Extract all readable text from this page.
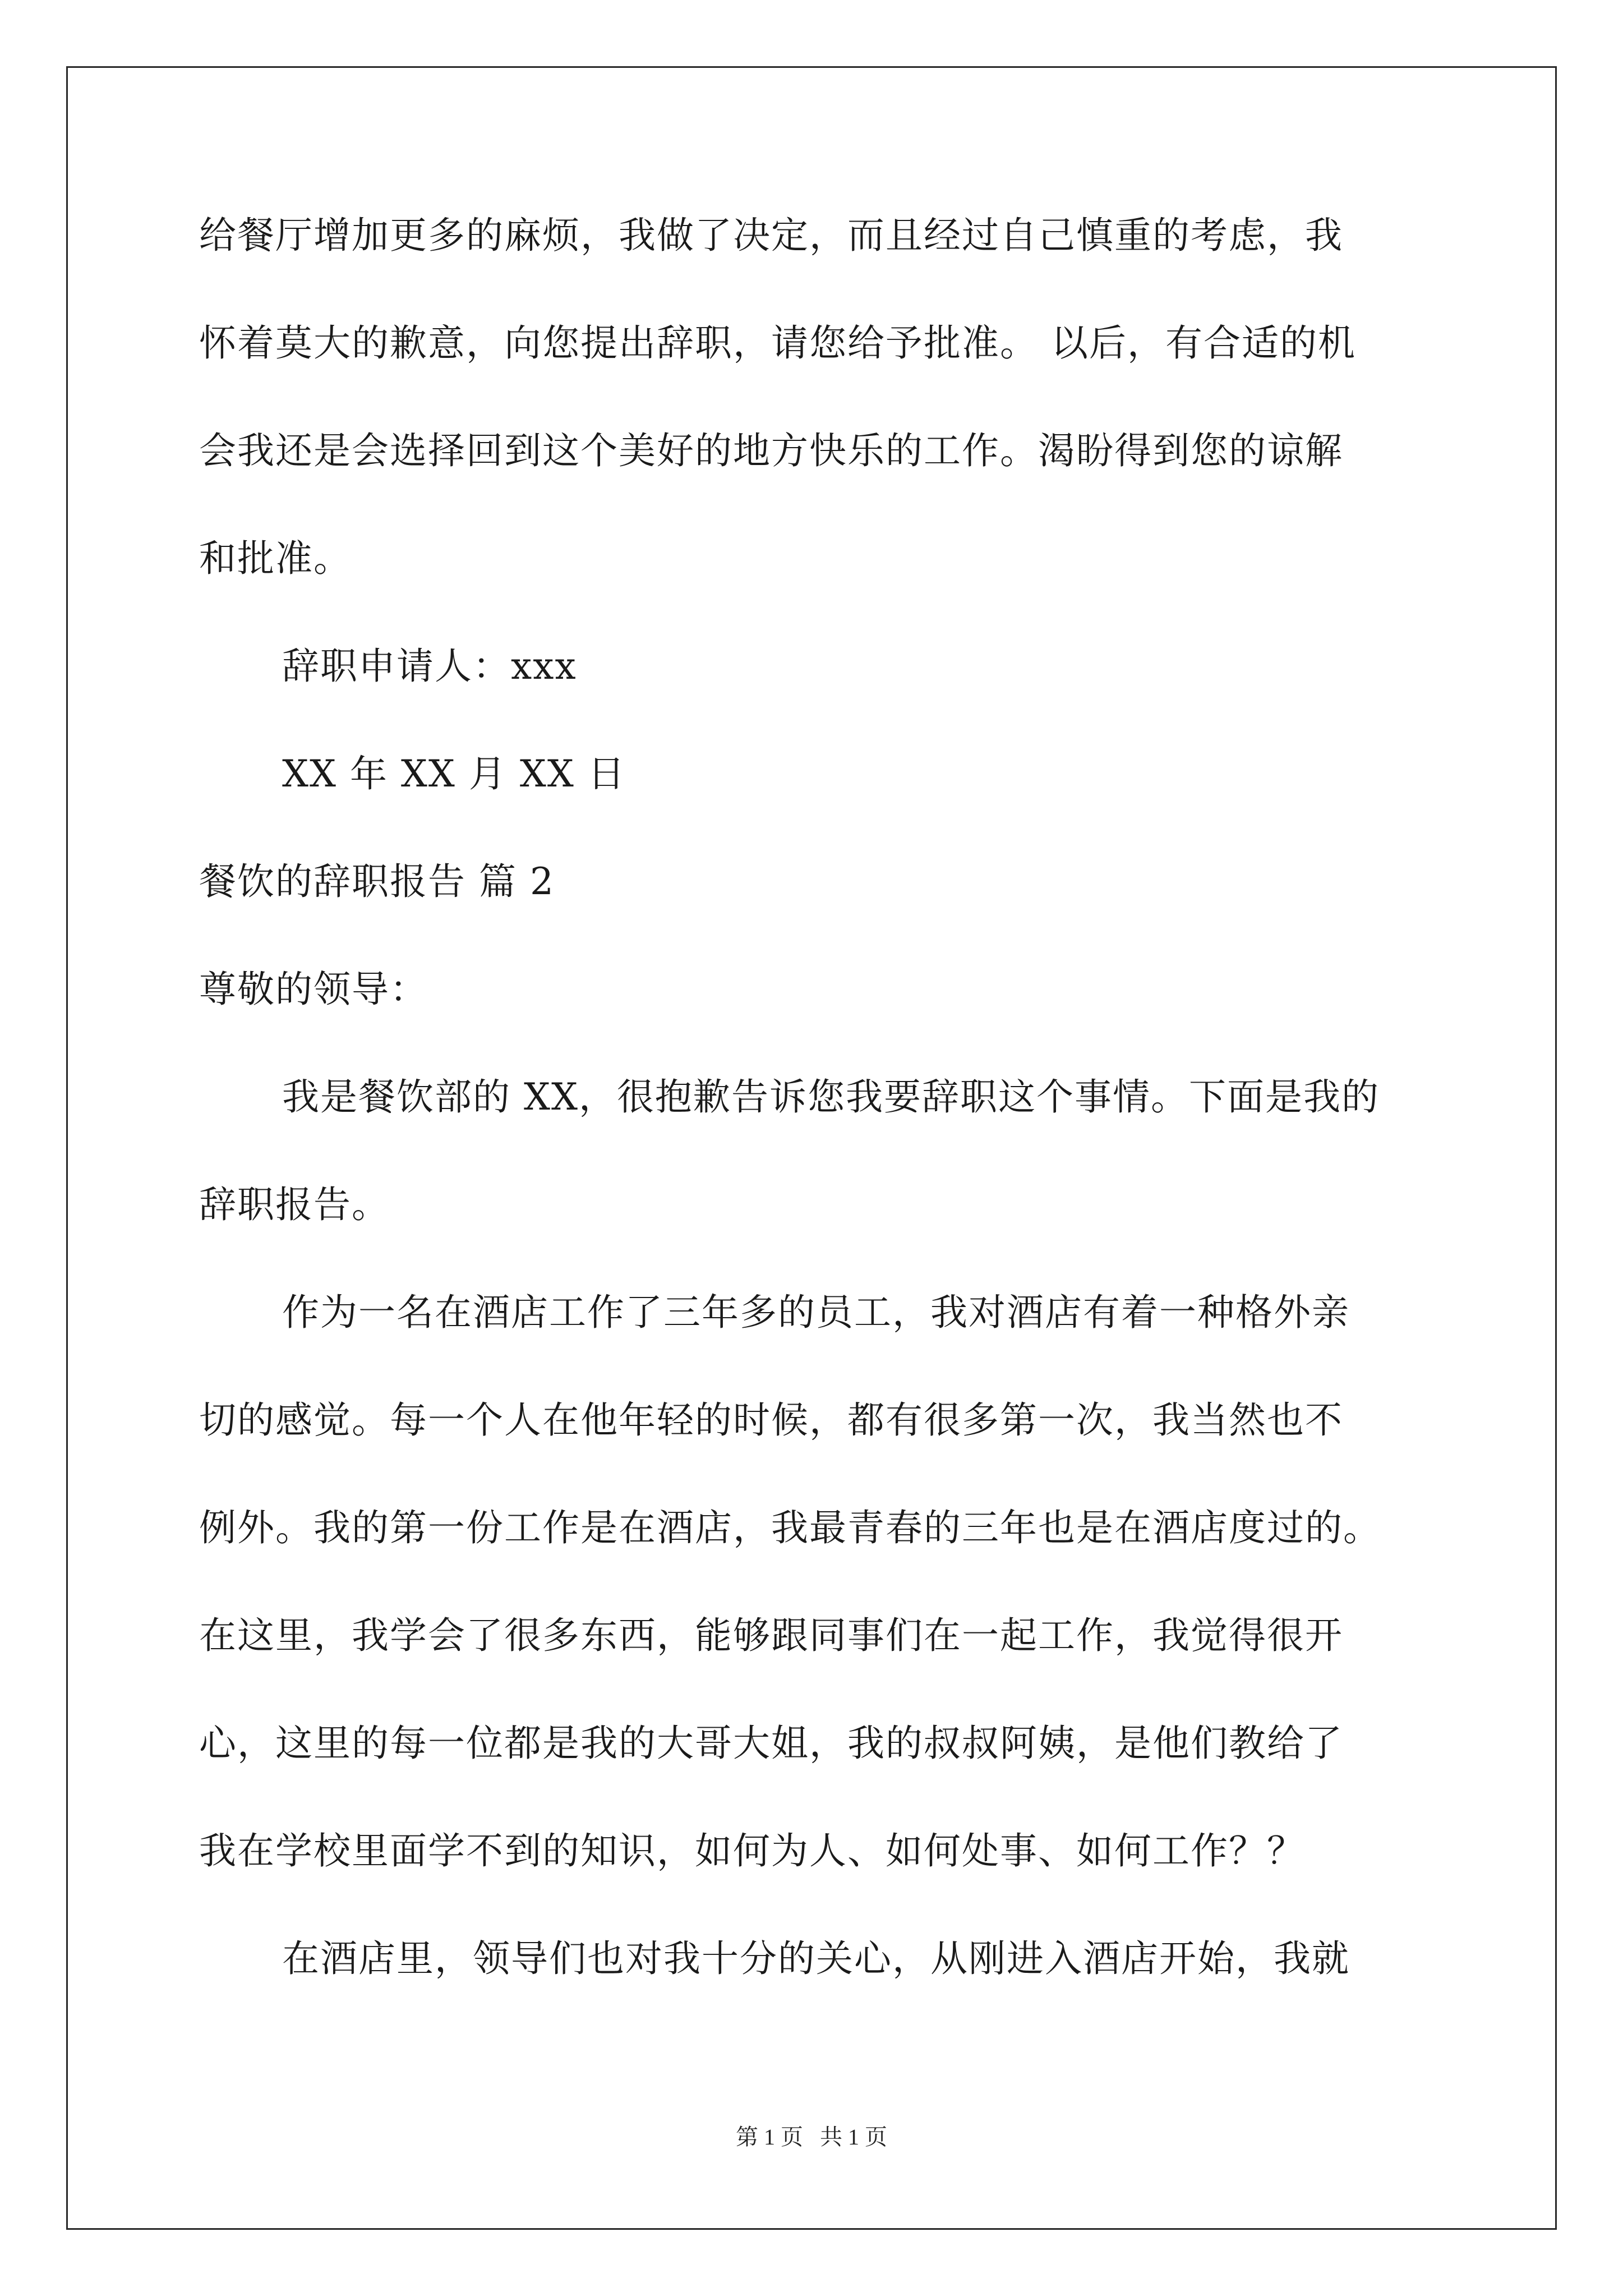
给餐厅增加更多的麻烦，我做了决定，而且经过自己慎重的考虑，我
怀着莫大的歉意，向您提出辞职，请您给予批准。 以后，有合适的机
会我还是会选择回到这个美好的地方快乐的工作。渴盼得到您的谅解
和批准。
辞职申请人：xxx
XX 年 XX 月 XX 日
餐饮的辞职报告 篇 2
尊敬的领导：
我是餐饮部的 XX，很抱歉告诉您我要辞职这个事情。下面是我的
辞职报告。
作为一名在酒店工作了三年多的员工，我对酒店有着一种格外亲
切的感觉。每一个人在他年轻的时候，都有很多第一次，我当然也不
例外。我的第一份工作是在酒店，我最青春的三年也是在酒店度过的。
在这里，我学会了很多东西，能够跟同事们在一起工作，我觉得很开
心，这里的每一位都是我的大哥大姐，我的叔叔阿姨，是他们教给了
我在学校里面学不到的知识，如何为人、如何处事、如何工作？？
在酒店里，领导们也对我十分的关心，从刚进入酒店开始，我就
第 1 页 共 1 页
